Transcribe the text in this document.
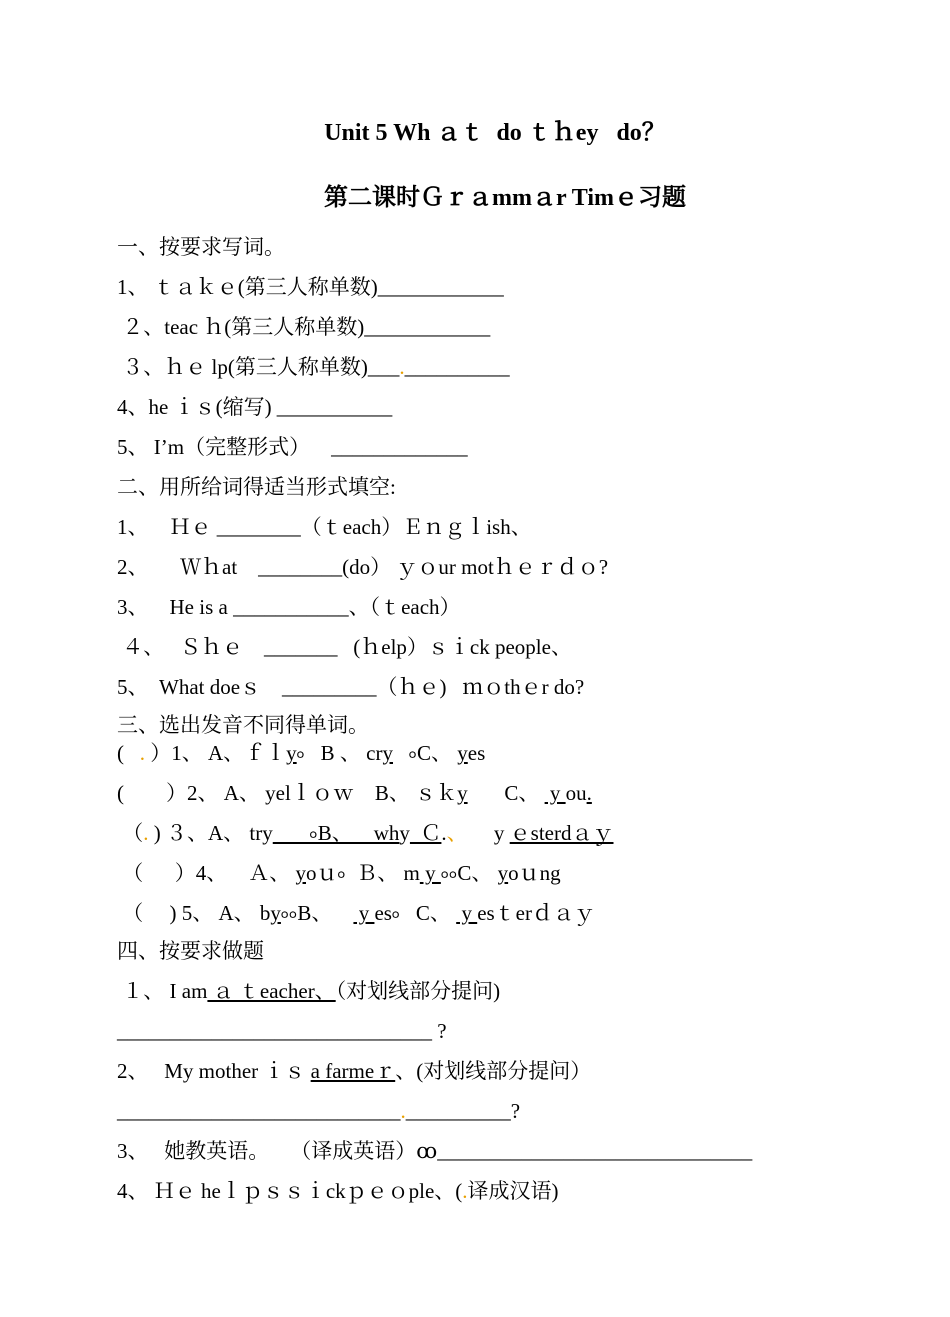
Unit 5 Wh ａｔ  do ｔｈey   do？
第二课时Ｇｒａmmａr Timｅ习题
一、按要求写词。
1、 ｔａｋｅ(第三人称单数)____________
２、teac ｈ(第三人称单数)____________
３、ｈｅ lp(第三人称单数)___.__________
4、he ｉｓ(缩写) ___________
5、 I’m（完整形式）    _____________
二、用所给词得适当形式填空:
1、    Ｈｅ ________（ｔeach）Ｅｎｇｌish、
2、      Ｗｈat    ________(do） ｙｏur motｈｅｒｄｏ?
3、    He is a ___________、（ｔeach）
４、   Ｓｈｅ    _______   (ｈelp）ｓｉck people、
5、  What doeｓ    _________（ｈｅ)   ｍｏthｅr do?
三、选出发音不同得单词。
(   . ）1、 A、ｆｌy৹   B 、 cry   ৹C、 yes
(        ）2、 A、 yelｌｏｗ    B、 ｓｋy       C、  y ou.
（. ) ３、A、 try       ৹B、    why  Ｃ.、     y ｅsterdａｙ
（      ）4、    Ａ、 yoｕ৹  Ｂ、 m y ৹৹C、 yoｕng
（     ) 5、 A、 by৹৹B、     y es৹   C、  y esｔerｄａｙ
四、按要求做题
１、 I am ａ ｔeacher、（对划线部分提问)
______________________________ ?
2、   My mother ｉｓ a farmeｒ、(对划线部分提问）
___________________________.__________?
3、   她教英语。    （译成英语）ꝏ______________________________
4、 Ｈｅ heｌｐｓｓｉckｐｅｏple、(.译成汉语)
